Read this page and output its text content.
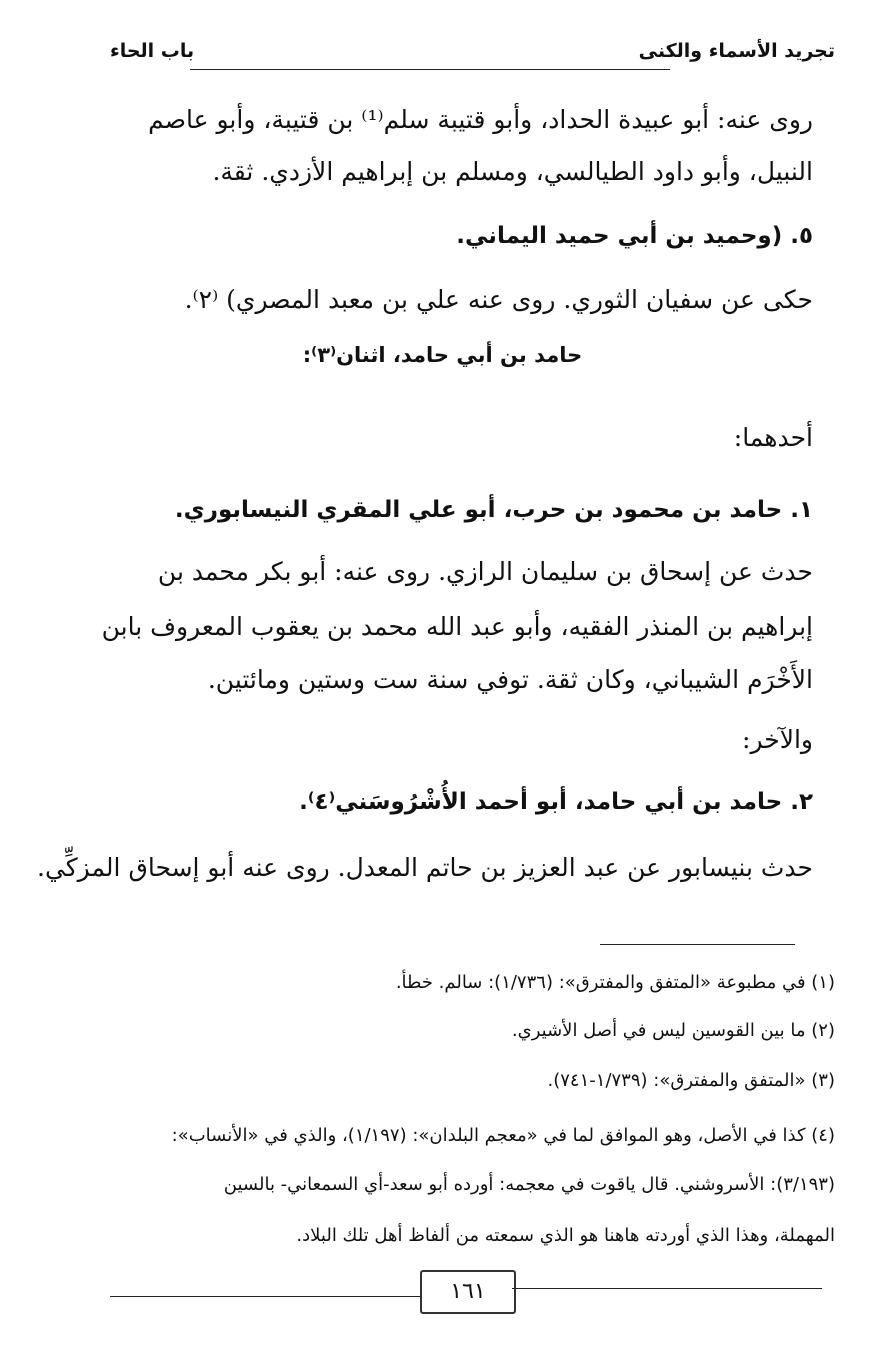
تجريد الأسماء والكنى
باب الحاء
روى عنه: أبو عبيدة الحداد، وأبو قتيبة سلم⁽¹⁾ بن قتيبة، وأبو عاصم
النبيل، وأبو داود الطيالسي، ومسلم بن إبراهيم الأزدي. ثقة.
٥. (وحميد بن أبي حميد اليماني.
حكى عن سفيان الثوري. روى عنه علي بن معبد المصري) ⁽٢⁾.
حامد بن أبي حامد، اثنان⁽٣⁾:
أحدهما:
١. حامد بن محمود بن حرب، أبو علي المقري النيسابوري.
حدث عن إسحاق بن سليمان الرازي. روى عنه: أبو بكر محمد بن
إبراهيم بن المنذر الفقيه، وأبو عبد الله محمد بن يعقوب المعروف بابن
الأَخْرَم الشيباني، وكان ثقة. توفي سنة ست وستين ومائتين.
والآخر:
٢. حامد بن أبي حامد، أبو أحمد الأُشْرُوسَني⁽٤⁾.
حدث بنيسابور عن عبد العزيز بن حاتم المعدل. روى عنه أبو إسحاق المزكِّي.
(١) في مطبوعة «المتفق والمفترق»: (١/٧٣٦): سالم. خطأ.
(٢) ما بين القوسين ليس في أصل الأشيري.
(٣) «المتفق والمفترق»: (١/٧٣٩-٧٤١).
(٤) كذا في الأصل، وهو الموافق لما في «معجم البلدان»: (١/١٩٧)، والذي في «الأنساب»:
(٣/١٩٣): الأسروشني. قال ياقوت في معجمه: أورده أبو سعد-أي السمعاني- بالسين
المهملة، وهذا الذي أوردته هاهنا هو الذي سمعته من ألفاظ أهل تلك البلاد.
١٦١
